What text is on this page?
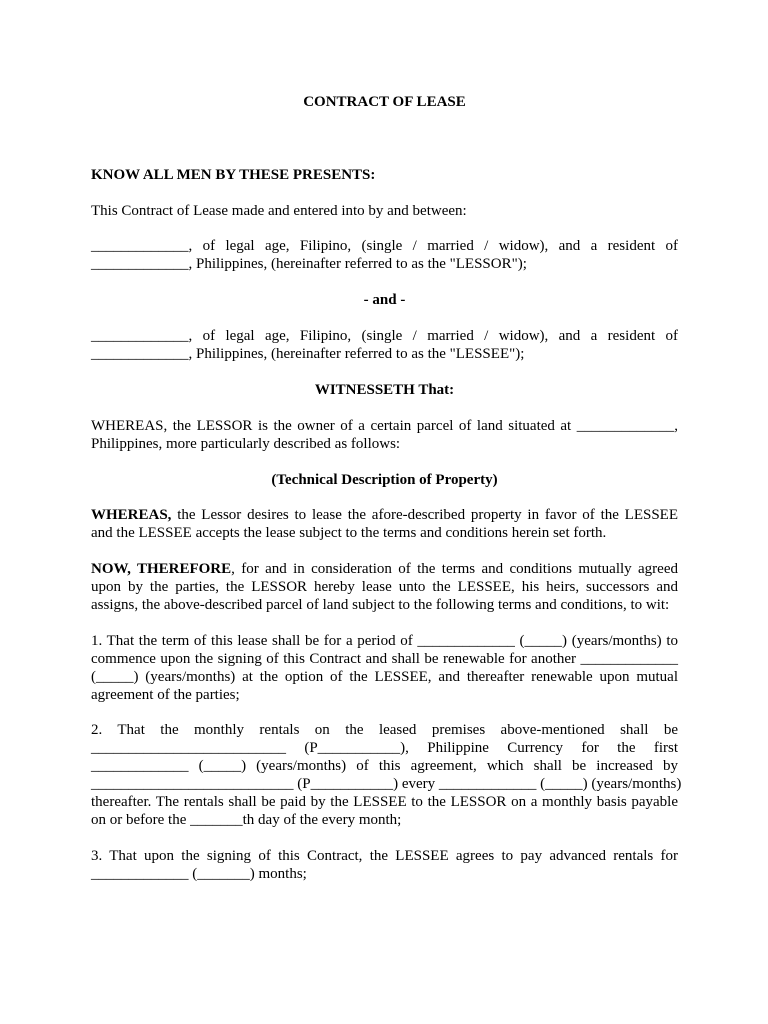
CONTRACT OF LEASE

KNOW ALL MEN BY THESE PRESENTS:

This Contract of Lease made and entered into by and between:

_____________, of legal age, Filipino, (single / married / widow), and a resident of
_____________, Philippines, (hereinafter referred to as the "LESSOR");

- and -

_____________, of legal age, Filipino, (single / married / widow), and a resident of
_____________, Philippines, (hereinafter referred to as the "LESSEE");

WITNESSETH That:

WHEREAS, the LESSOR is the owner of a certain parcel of land situated at _____________,
Philippines, more particularly described as follows:

(Technical Description of Property)

WHEREAS, the Lessor desires to lease the afore-described property in favor of the LESSEE
and the LESSEE accepts the lease subject to the terms and conditions herein set forth.

NOW, THEREFORE, for and in consideration of the terms and conditions mutually agreed
upon by the parties, the LESSOR hereby lease unto the LESSEE, his heirs, successors and
assigns, the above-described parcel of land subject to the following terms and conditions, to wit:

1. That the term of this lease shall be for a period of _____________ (_____) (years/months) to
commence upon the signing of this Contract and shall be renewable for another _____________
(_____) (years/months) at the option of the LESSEE, and thereafter renewable upon mutual
agreement of the parties;

2. That the monthly rentals on the leased premises above-mentioned shall be
__________________________ (P___________), Philippine Currency for the first
_____________ (_____) (years/months) of this agreement, which shall be increased by
___________________________ (P___________) every _____________ (_____) (years/months)
thereafter. The rentals shall be paid by the LESSEE to the LESSOR on a monthly basis payable
on or before the _______th day of the every month;

3. That upon the signing of this Contract, the LESSEE agrees to pay advanced rentals for
_____________ (_______) months;
